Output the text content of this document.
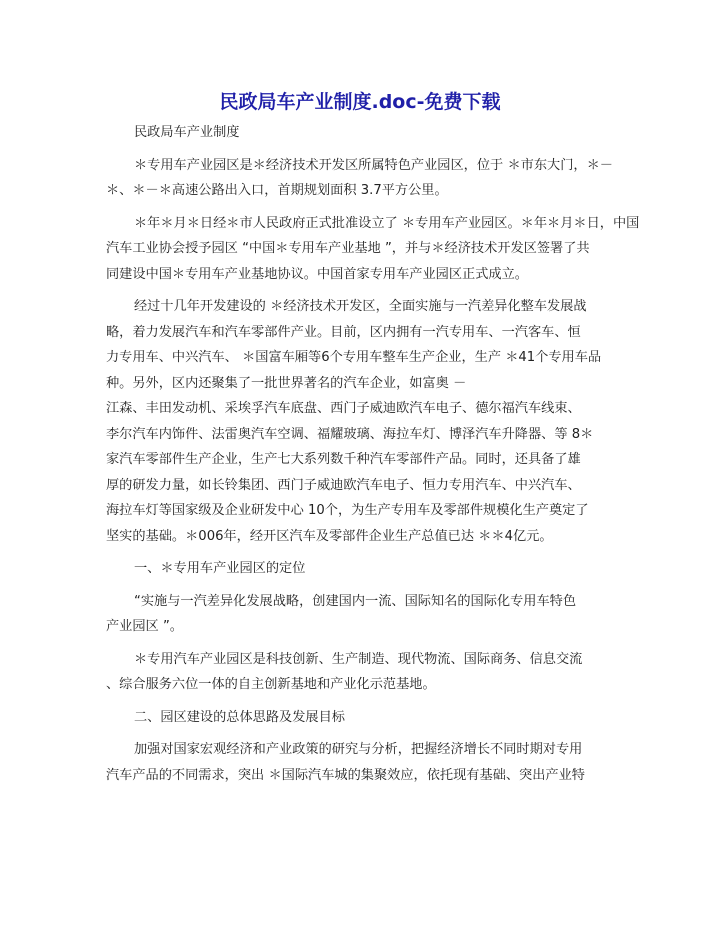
民政局车产业制度.doc-免费下载
民政局车产业制度
＊专用车产业园区是＊经济技术开发区所属特色产业园区，位于 ＊市东大门，＊－
＊、＊－＊高速公路出入口，首期规划面积 3.7平方公里。
＊年＊月＊日经＊市人民政府正式批准设立了 ＊专用车产业园区。＊年＊月＊日，中国
汽车工业协会授予园区 “中国＊专用车产业基地 ”，并与＊经济技术开发区签署了共
同建设中国＊专用车产业基地协议。中国首家专用车产业园区正式成立。
经过十几年开发建设的 ＊经济技术开发区，全面实施与一汽差异化整车发展战
略，着力发展汽车和汽车零部件产业。目前，区内拥有一汽专用车、一汽客车、恒
力专用车、中兴汽车、 ＊国富车厢等6个专用车整车生产企业，生产 ＊41个专用车品
种。另外，区内还聚集了一批世界著名的汽车企业，如富奥 －
江森、丰田发动机、采埃孚汽车底盘、西门子威迪欧汽车电子、德尔福汽车线束、
李尔汽车内饰件、法雷奥汽车空调、福耀玻璃、海拉车灯、博泽汽车升降器、等 8＊
家汽车零部件生产企业，生产七大系列数千种汽车零部件产品。同时，还具备了雄
厚的研发力量，如长铃集团、西门子威迪欧汽车电子、恒力专用汽车、中兴汽车、
海拉车灯等国家级及企业研发中心 10个，为生产专用车及零部件规模化生产奠定了
坚实的基础。＊006年，经开区汽车及零部件企业生产总值已达 ＊＊4亿元。
一、＊专用车产业园区的定位
“实施与一汽差异化发展战略，创建国内一流、国际知名的国际化专用车特色
产业园区 ”。
＊专用汽车产业园区是科技创新、生产制造、现代物流、国际商务、信息交流
、综合服务六位一体的自主创新基地和产业化示范基地。
二、园区建设的总体思路及发展目标
加强对国家宏观经济和产业政策的研究与分析，把握经济增长不同时期对专用
汽车产品的不同需求，突出 ＊国际汽车城的集聚效应，依托现有基础、突出产业特
